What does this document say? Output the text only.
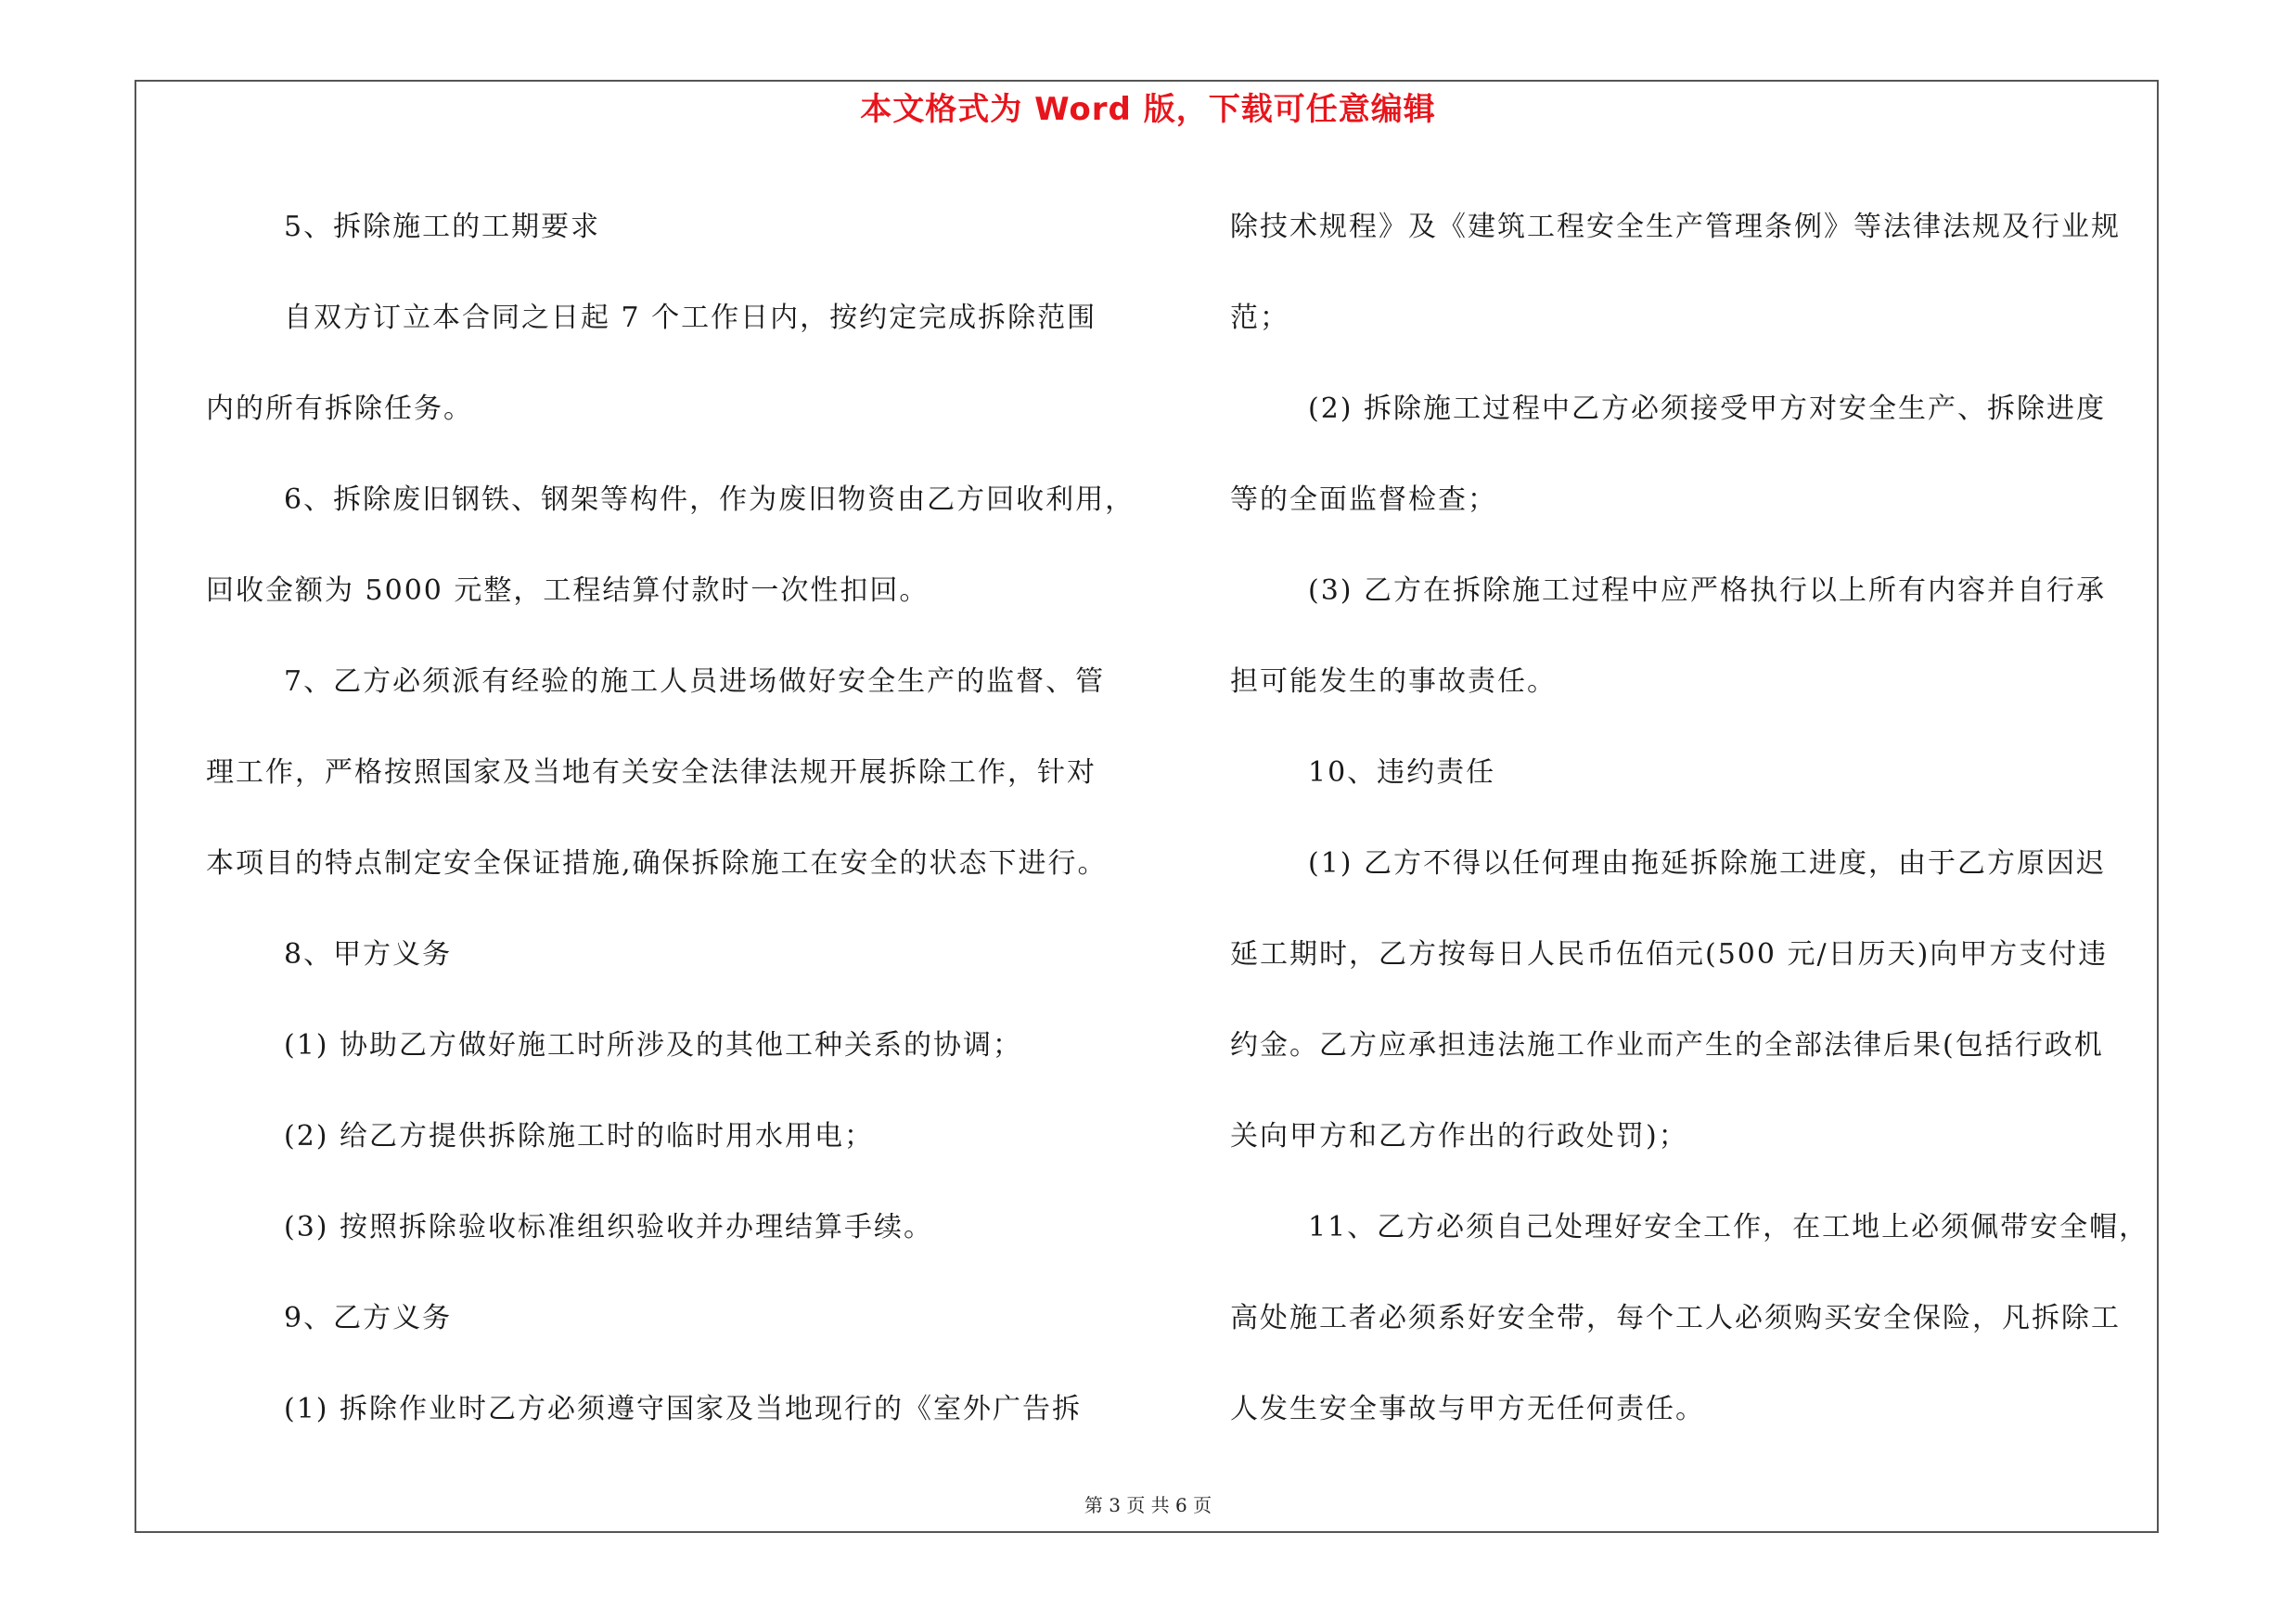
本文格式为 Word 版，下载可任意编辑
5、拆除施工的工期要求
自双方订立本合同之日起 7 个工作日内，按约定完成拆除范围
内的所有拆除任务。
6、拆除废旧钢铁、钢架等构件，作为废旧物资由乙方回收利用，
回收金额为 5000 元整，工程结算付款时一次性扣回。
7、乙方必须派有经验的施工人员进场做好安全生产的监督、管
理工作，严格按照国家及当地有关安全法律法规开展拆除工作，针对
本项目的特点制定安全保证措施,确保拆除施工在安全的状态下进行。
8、甲方义务
(1) 协助乙方做好施工时所涉及的其他工种关系的协调；
(2) 给乙方提供拆除施工时的临时用水用电；
(3) 按照拆除验收标准组织验收并办理结算手续。
9、乙方义务
(1) 拆除作业时乙方必须遵守国家及当地现行的《室外广告拆
除技术规程》及《建筑工程安全生产管理条例》等法律法规及行业规
范；
(2) 拆除施工过程中乙方必须接受甲方对安全生产、拆除进度
等的全面监督检查；
(3) 乙方在拆除施工过程中应严格执行以上所有内容并自行承
担可能发生的事故责任。
10、违约责任
(1) 乙方不得以任何理由拖延拆除施工进度，由于乙方原因迟
延工期时，乙方按每日人民币伍佰元(500 元/日历天)向甲方支付违
约金。乙方应承担违法施工作业而产生的全部法律后果(包括行政机
关向甲方和乙方作出的行政处罚)；
11、乙方必须自己处理好安全工作，在工地上必须佩带安全帽，
高处施工者必须系好安全带，每个工人必须购买安全保险，凡拆除工
人发生安全事故与甲方无任何责任。
第 3 页 共 6 页
